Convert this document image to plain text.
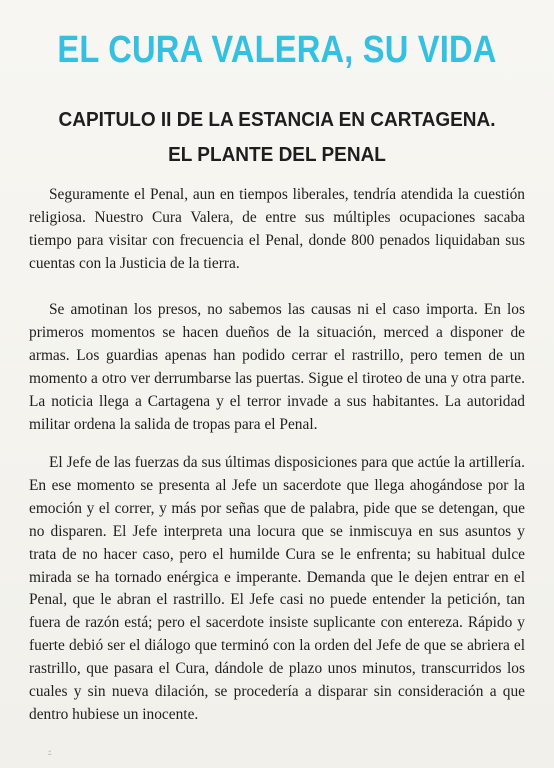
EL CURA VALERA, SU VIDA
CAPITULO II DE LA ESTANCIA EN CARTAGENA.
EL PLANTE DEL PENAL

Seguramente el Penal, aun en tiempos liberales, tendría atendida la cuestión religiosa. Nuestro Cura Valera, de entre sus múltiples ocupaciones sacaba tiempo para visitar con frecuencia el Penal, donde 800 penados liquidaban sus cuentas con la Justicia de la tierra.

Se amotinan los presos, no sabemos las causas ni el caso importa. En los primeros momentos se hacen dueños de la situación, merced a disponer de armas. Los guardias apenas han podido cerrar el rastrillo, pero temen de un momento a otro ver derrumbarse las puertas. Sigue el tiroteo de una y otra parte. La noticia llega a Cartagena y el terror invade a sus habitantes. La autoridad militar ordena la salida de tropas para el Penal.

El Jefe de las fuerzas da sus últimas disposiciones para que actúe la artillería. En ese momento se presenta al Jefe un sacerdote que llega ahogándose por la emoción y el correr, y más por señas que de palabra, pide que se detengan, que no disparen. El Jefe interpreta una locura que se inmiscuya en sus asuntos y trata de no hacer caso, pero el humilde Cura se le enfrenta; su habitual dulce mirada se ha tornado enérgica e imperante. Demanda que le dejen entrar en el Penal, que le abran el rastrillo. El Jefe casi no puede entender la petición, tan fuera de razón está; pero el sacerdote insiste suplicante con entereza. Rápido y fuerte debió ser el diálogo que terminó con la orden del Jefe de que se abriera el rastrillo, que pasara el Cura, dándole de plazo unos minutos, transcurridos los cuales y sin nueva dilación, se procedería a disparar sin consideración a que dentro hubiese un inocente.

ﾆ
